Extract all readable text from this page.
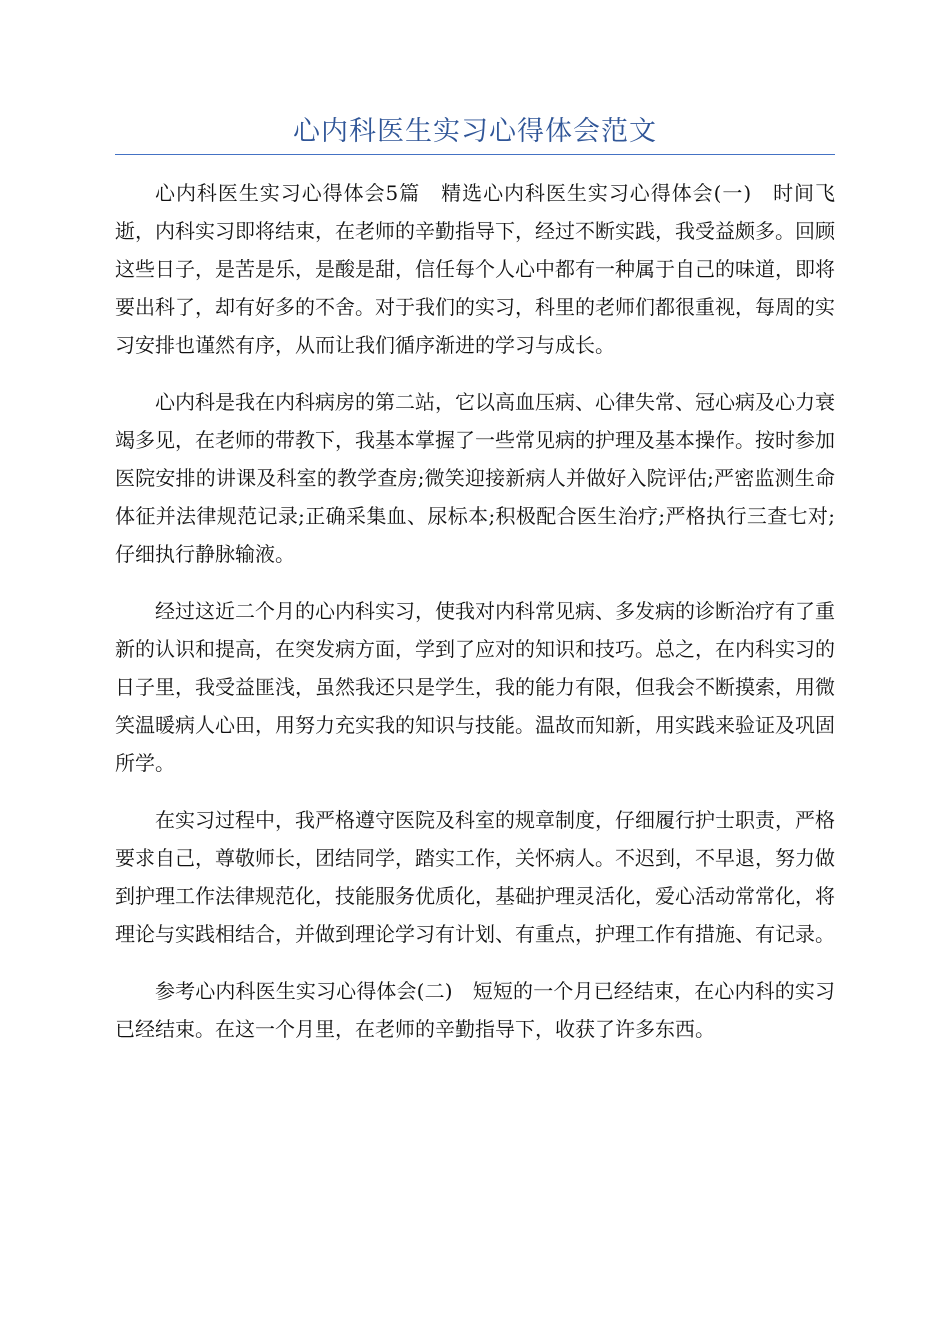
心内科医生实习心得体会范文

心内科医生实习心得体会5篇　精选心内科医生实习心得体会(一)　时间飞逝，内科实习即将结束，在老师的辛勤指导下，经过不断实践，我受益颇多。回顾这些日子，是苦是乐，是酸是甜，信任每个人心中都有一种属于自己的味道，即将要出科了，却有好多的不舍。对于我们的实习，科里的老师们都很重视，每周的实习安排也谨然有序，从而让我们循序渐进的学习与成长。

心内科是我在内科病房的第二站，它以高血压病、心律失常、冠心病及心力衰竭多见，在老师的带教下，我基本掌握了一些常见病的护理及基本操作。按时参加医院安排的讲课及科室的教学查房;微笑迎接新病人并做好入院评估;严密监测生命体征并法律规范记录;正确采集血、尿标本;积极配合医生治疗;严格执行三查七对;仔细执行静脉输液。

经过这近二个月的心内科实习，使我对内科常见病、多发病的诊断治疗有了重新的认识和提高，在突发病方面，学到了应对的知识和技巧。总之，在内科实习的日子里，我受益匪浅，虽然我还只是学生，我的能力有限，但我会不断摸索，用微笑温暖病人心田，用努力充实我的知识与技能。温故而知新，用实践来验证及巩固所学。

在实习过程中，我严格遵守医院及科室的规章制度，仔细履行护士职责，严格要求自己，尊敬师长，团结同学，踏实工作，关怀病人。不迟到，不早退，努力做到护理工作法律规范化，技能服务优质化，基础护理灵活化，爱心活动常常化，将理论与实践相结合，并做到理论学习有计划、有重点，护理工作有措施、有记录。

参考心内科医生实习心得体会(二)　短短的一个月已经结束，在心内科的实习已经结束。在这一个月里，在老师的辛勤指导下，收获了许多东西。
